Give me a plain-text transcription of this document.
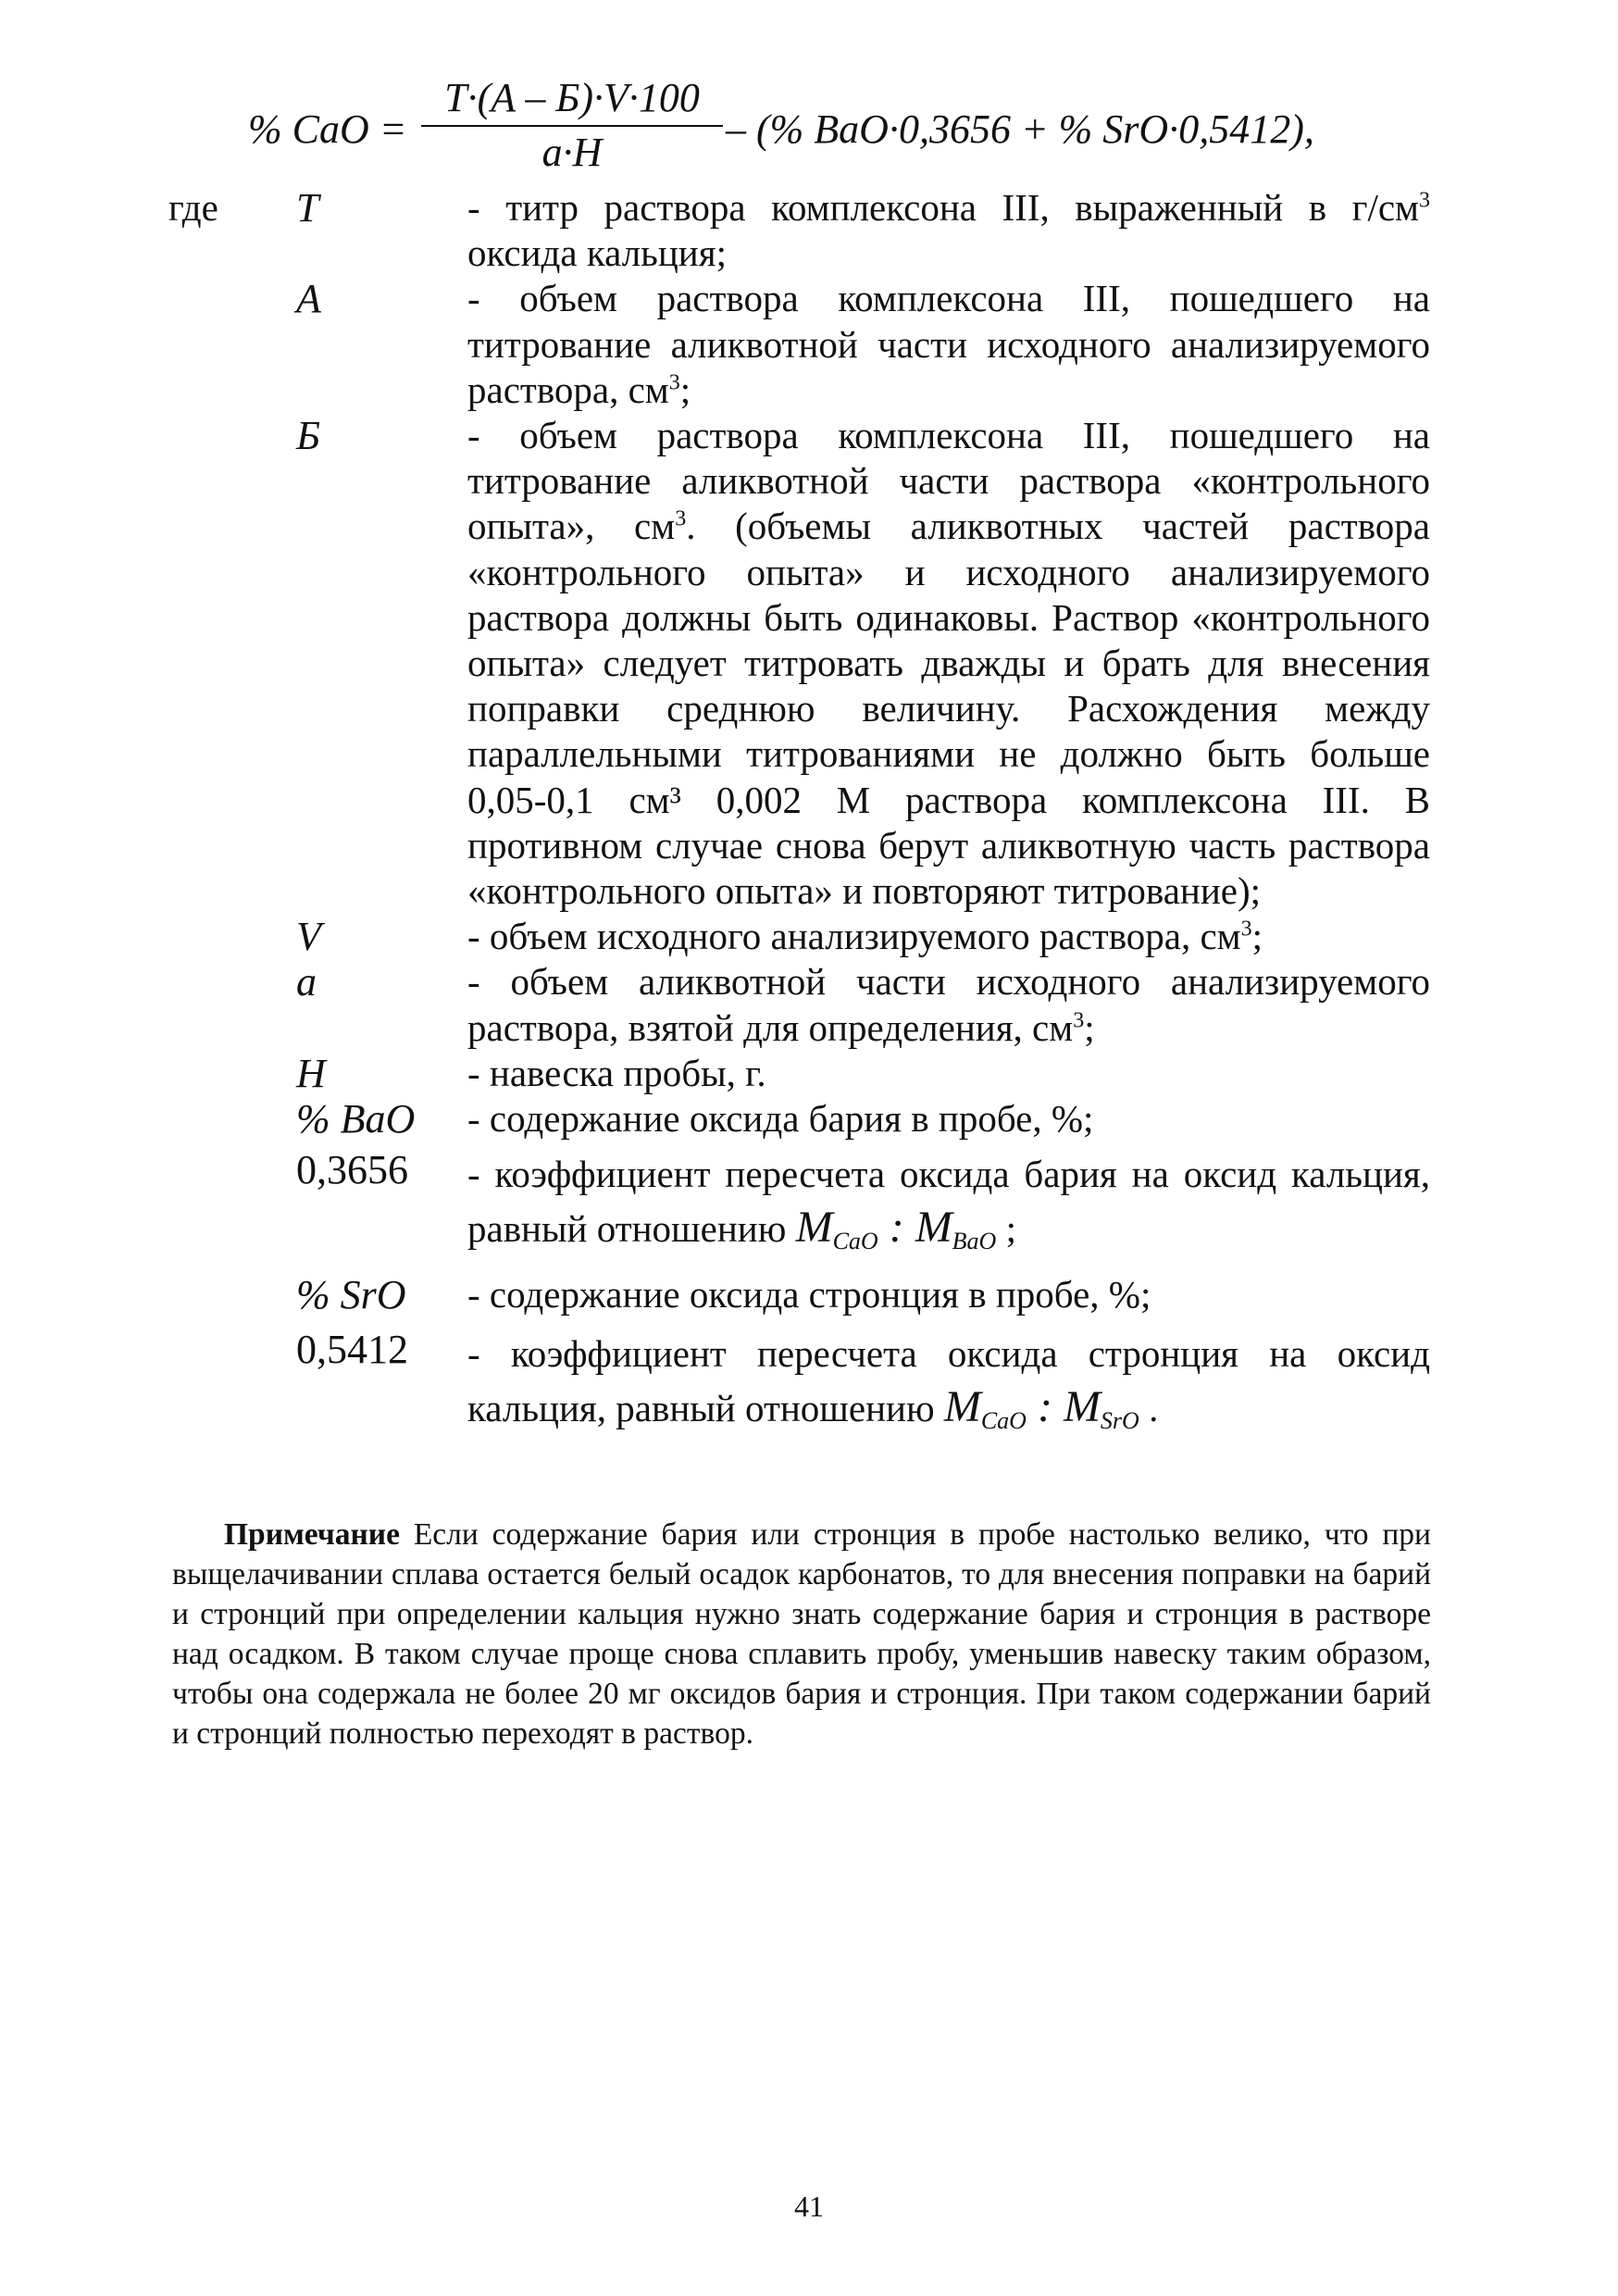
% CaO =
T·(A – Б)·V·100
a·H
– (% BaO·0,3656 + % SrO·0,5412),
где	T	- титр раствора комплексона III, выраженный в $г/см^3$ оксида кальция;
A	- объем раствора комплексона III, пошедшего на титрование аликвотной части исходного анализируемого раствора, $см^3$;
Б	- объем раствора комплексона III, пошедшего на титрование аликвотной части раствора «контрольного опыта», $см^3$. (объемы аликвотных частей раствора «контрольного опыта» и исходного анализируемого раствора должны быть одинаковы. Раствор «контрольного опыта» следует титровать дважды и брать для внесения поправки среднюю величину. Расхождения между параллельными титрованиями не должно быть больше 0,05-0,1 см³ 0,002 М раствора комплексона III. В противном случае снова берут аликвотную часть раствора «контрольного опыта» и повторяют титрование);
V	- объем исходного анализируемого раствора, $см^3$;
a	- объем аликвотной части исходного анализируемого раствора, взятой для определения, $см^3$;
H	- навеска пробы, г.
% BaO	- содержание оксида бария в пробе, %;
0,3656	- коэффициент пересчета оксида бария на оксид кальция, равный отношению MCaO : MBaO ;
% SrO	- содержание оксида стронция в пробе, %;
0,5412	- коэффициент пересчета оксида стронция на оксид кальция, равный отношению MCaO : MSrO .
Примечание Если содержание бария или стронция в пробе настолько велико, что при выщелачивании сплава остается белый осадок карбонатов, то для внесения поправки на барий и стронций при определении кальция нужно знать содержание бария и стронция в растворе над осадком. В таком случае проще снова сплавить пробу, уменьшив навеску таким образом, чтобы она содержала не более 20 мг оксидов бария и стронция. При таком содержании барий и стронций полностью переходят в раствор.
41
